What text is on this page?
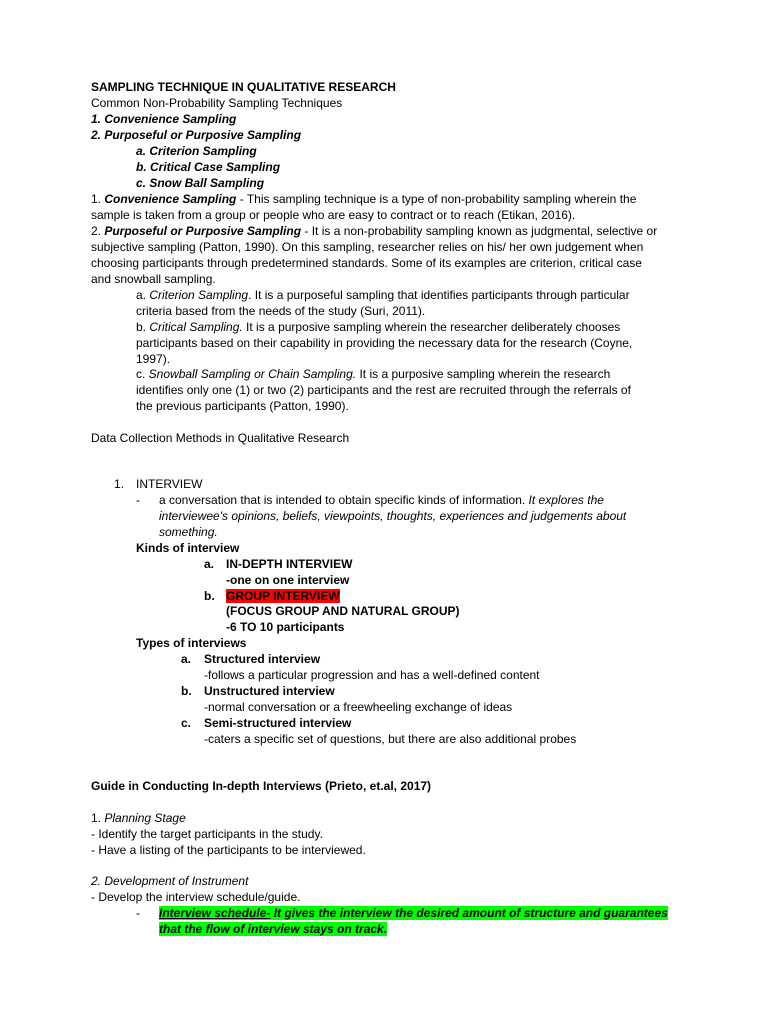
SAMPLING TECHNIQUE IN QUALITATIVE RESEARCH
Common Non-Probability Sampling Techniques
1. Convenience Sampling
2. Purposeful or Purposive Sampling
a. Criterion Sampling
b. Critical Case Sampling
c. Snow Ball Sampling
1. Convenience Sampling - This sampling technique is a type of non-probability sampling wherein the
sample is taken from a group or people who are easy to contract or to reach (Etikan, 2016).
2. Purposeful or Purposive Sampling - It is a non-probability sampling known as judgmental, selective or
subjective sampling (Patton, 1990). On this sampling, researcher relies on his/ her own judgement when
choosing participants through predetermined standards. Some of its examples are criterion, critical case
and snowball sampling.
a. Criterion Sampling. It is a purposeful sampling that identifies participants through particular
criteria based from the needs of the study (Suri, 2011).
b. Critical Sampling. It is a purposive sampling wherein the researcher deliberately chooses
participants based on their capability in providing the necessary data for the research (Coyne,
1997).
c. Snowball Sampling or Chain Sampling. It is a purposive sampling wherein the research
identifies only one (1) or two (2) participants and the rest are recruited through the referrals of
the previous participants (Patton, 1990).
Data Collection Methods in Qualitative Research
1. INTERVIEW
- a conversation that is intended to obtain specific kinds of information. It explores the
interviewee's opinions, beliefs, viewpoints, thoughts, experiences and judgements about
something.
Kinds of interview
a. IN-DEPTH INTERVIEW
-one on one interview
b. GROUP INTERVIEW
(FOCUS GROUP AND NATURAL GROUP)
-6 TO 10 participants
Types of interviews
a. Structured interview
-follows a particular progression and has a well-defined content
b. Unstructured interview
-normal conversation or a freewheeling exchange of ideas
c. Semi-structured interview
-caters a specific set of questions, but there are also additional probes
Guide in Conducting In-depth Interviews (Prieto, et.al, 2017)
1. Planning Stage
- Identify the target participants in the study.
- Have a listing of the participants to be interviewed.
2. Development of Instrument
- Develop the interview schedule/guide.
- Interview schedule- It gives the interview the desired amount of structure and guarantees
that the flow of interview stays on track.
